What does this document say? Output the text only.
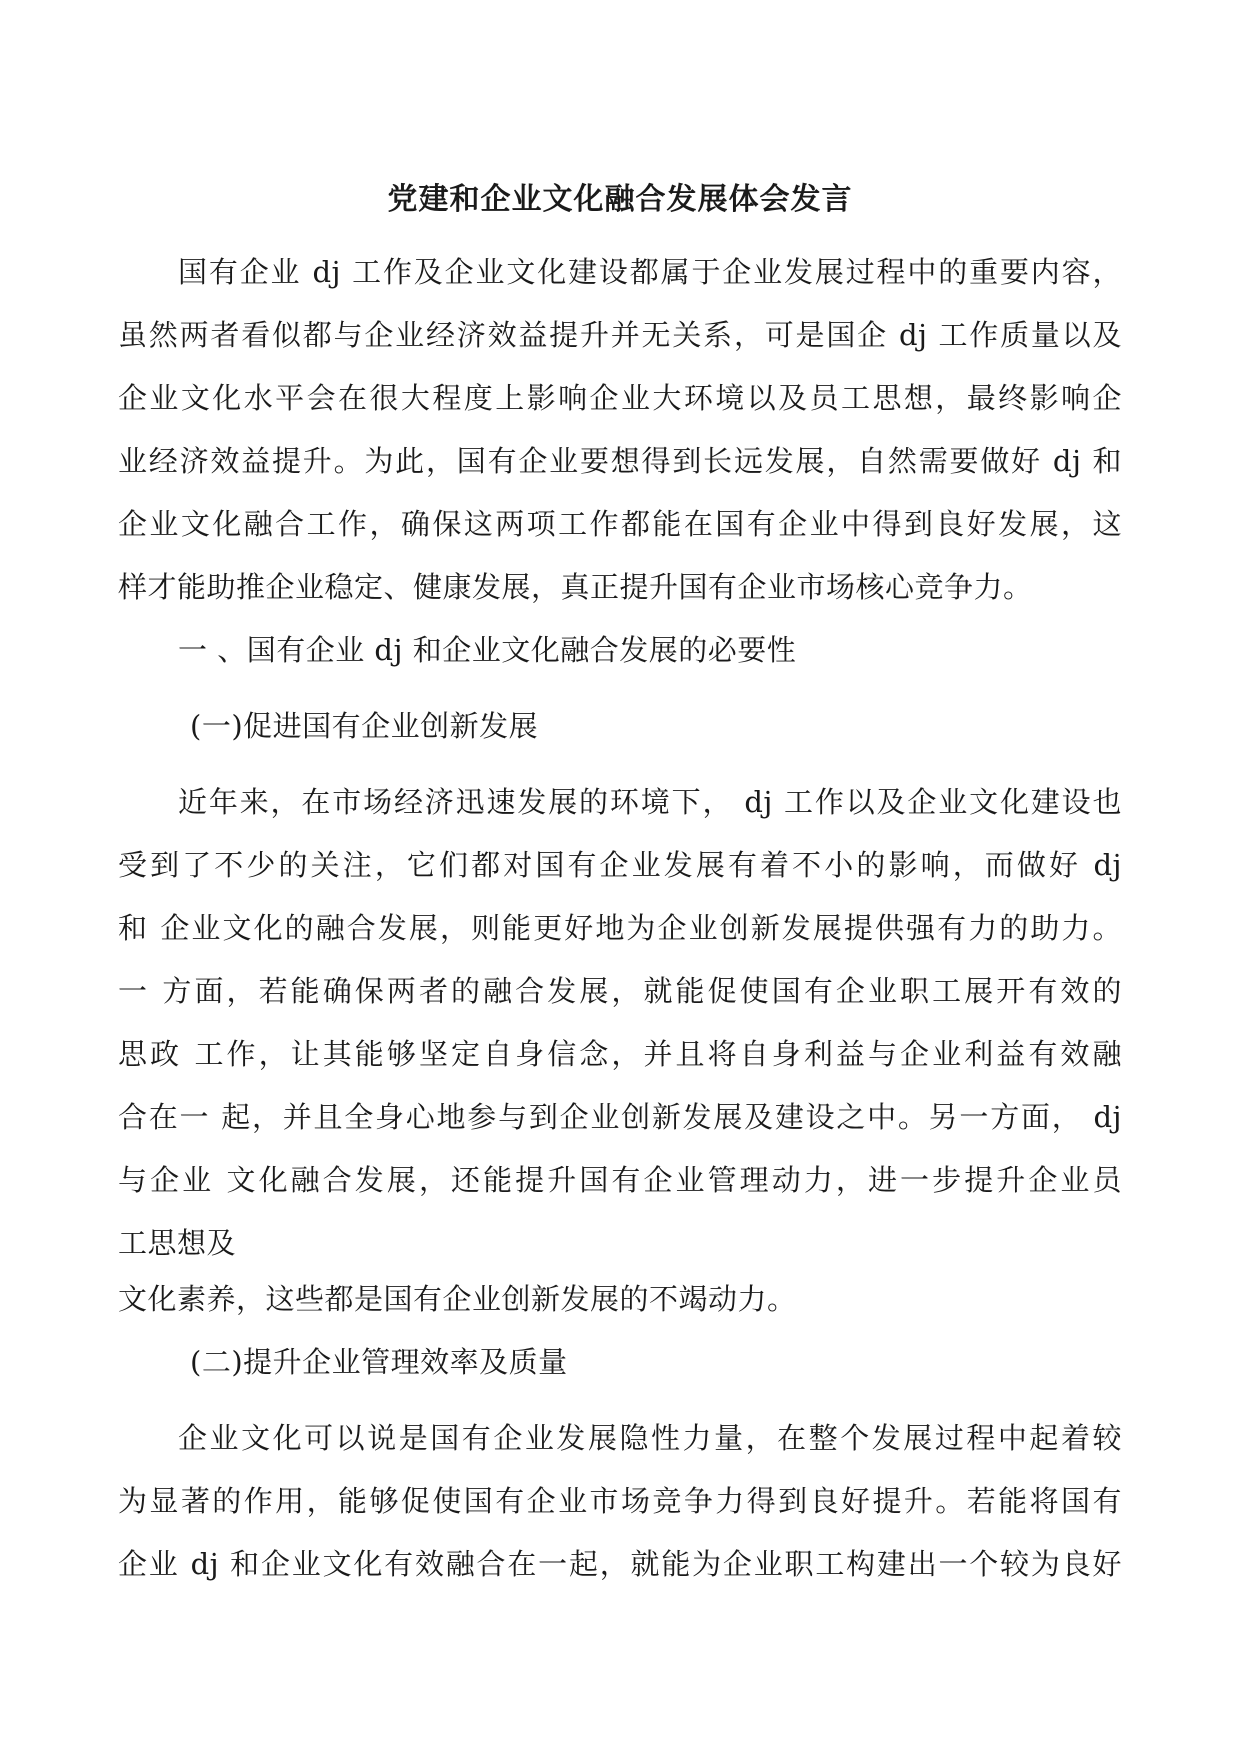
党建和企业文化融合发展体会发言
国有企业 dj 工作及企业文化建设都属于企业发展过程中的重要内容，
虽然两者看似都与企业经济效益提升并无关系，可是国企 dj 工作质量以及
企业文化水平会在很大程度上影响企业大环境以及员工思想，最终影响企
业经济效益提升。为此，国有企业要想得到长远发展，自然需要做好 dj 和
企业文化融合工作，确保这两项工作都能在国有企业中得到良好发展，这
样才能助推企业稳定、健康发展，真正提升国有企业市场核心竞争力。
一 、国有企业 dj 和企业文化融合发展的必要性
(一)促进国有企业创新发展
近年来，在市场经济迅速发展的环境下， dj 工作以及企业文化建设也
受到了不少的关注，它们都对国有企业发展有着不小的影响，而做好 dj
和 企业文化的融合发展，则能更好地为企业创新发展提供强有力的助力。
一 方面，若能确保两者的融合发展，就能促使国有企业职工展开有效的
思政 工作，让其能够坚定自身信念，并且将自身利益与企业利益有效融
合在一 起，并且全身心地参与到企业创新发展及建设之中。另一方面， dj
与企业 文化融合发展，还能提升国有企业管理动力，进一步提升企业员
工思想及
文化素养，这些都是国有企业创新发展的不竭动力。
(二)提升企业管理效率及质量
企业文化可以说是国有企业发展隐性力量，在整个发展过程中起着较
为显著的作用，能够促使国有企业市场竞争力得到良好提升。若能将国有
企业 dj 和企业文化有效融合在一起，就能为企业职工构建出一个较为良好
